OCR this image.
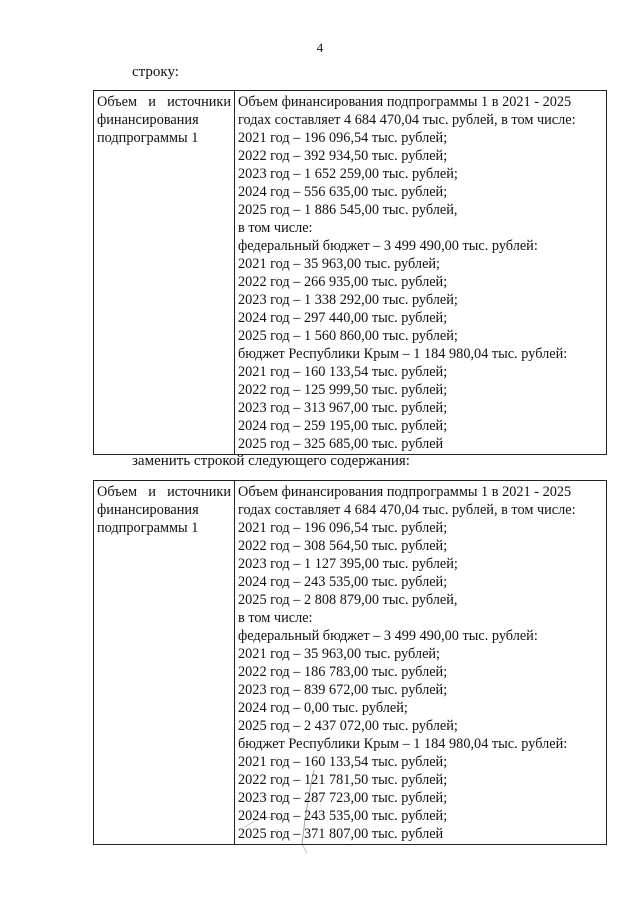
4
строку:
Объем и источники
финансирования
подпрограммы 1

Объем финансирования подпрограммы 1 в 2021 - 2025
годах составляет 4 684 470,04 тыс. рублей, в том числе:
2021 год – 196 096,54 тыс. рублей;
2022 год – 392 934,50 тыс. рублей;
2023 год – 1 652 259,00 тыс. рублей;
2024 год – 556 635,00 тыс. рублей;
2025 год – 1 886 545,00 тыс. рублей,
в том числе:
федеральный бюджет – 3 499 490,00 тыс. рублей:
2021 год – 35 963,00 тыс. рублей;
2022 год – 266 935,00 тыс. рублей;
2023 год – 1 338 292,00 тыс. рублей;
2024 год – 297 440,00 тыс. рублей;
2025 год – 1 560 860,00 тыс. рублей;
бюджет Республики Крым – 1 184 980,04 тыс. рублей:
2021 год – 160 133,54 тыс. рублей;
2022 год – 125 999,50 тыс. рублей;
2023 год – 313 967,00 тыс. рублей;
2024 год – 259 195,00 тыс. рублей;
2025 год – 325 685,00 тыс. рублей
заменить строкой следующего содержания:
Объем и источники
финансирования
подпрограммы 1

Объем финансирования подпрограммы 1 в 2021 - 2025
годах составляет 4 684 470,04 тыс. рублей, в том числе:
2021 год – 196 096,54 тыс. рублей;
2022 год – 308 564,50 тыс. рублей;
2023 год – 1 127 395,00 тыс. рублей;
2024 год – 243 535,00 тыс. рублей;
2025 год – 2 808 879,00 тыс. рублей,
в том числе:
федеральный бюджет – 3 499 490,00 тыс. рублей:
2021 год – 35 963,00 тыс. рублей;
2022 год – 186 783,00 тыс. рублей;
2023 год – 839 672,00 тыс. рублей;
2024 год – 0,00 тыс. рублей;
2025 год – 2 437 072,00 тыс. рублей;
бюджет Республики Крым – 1 184 980,04 тыс. рублей:
2021 год – 160 133,54 тыс. рублей;
2022 год – 121 781,50 тыс. рублей;
2023 год – 287 723,00 тыс. рублей;
2024 год – 243 535,00 тыс. рублей;
2025 год – 371 807,00 тыс. рублей
